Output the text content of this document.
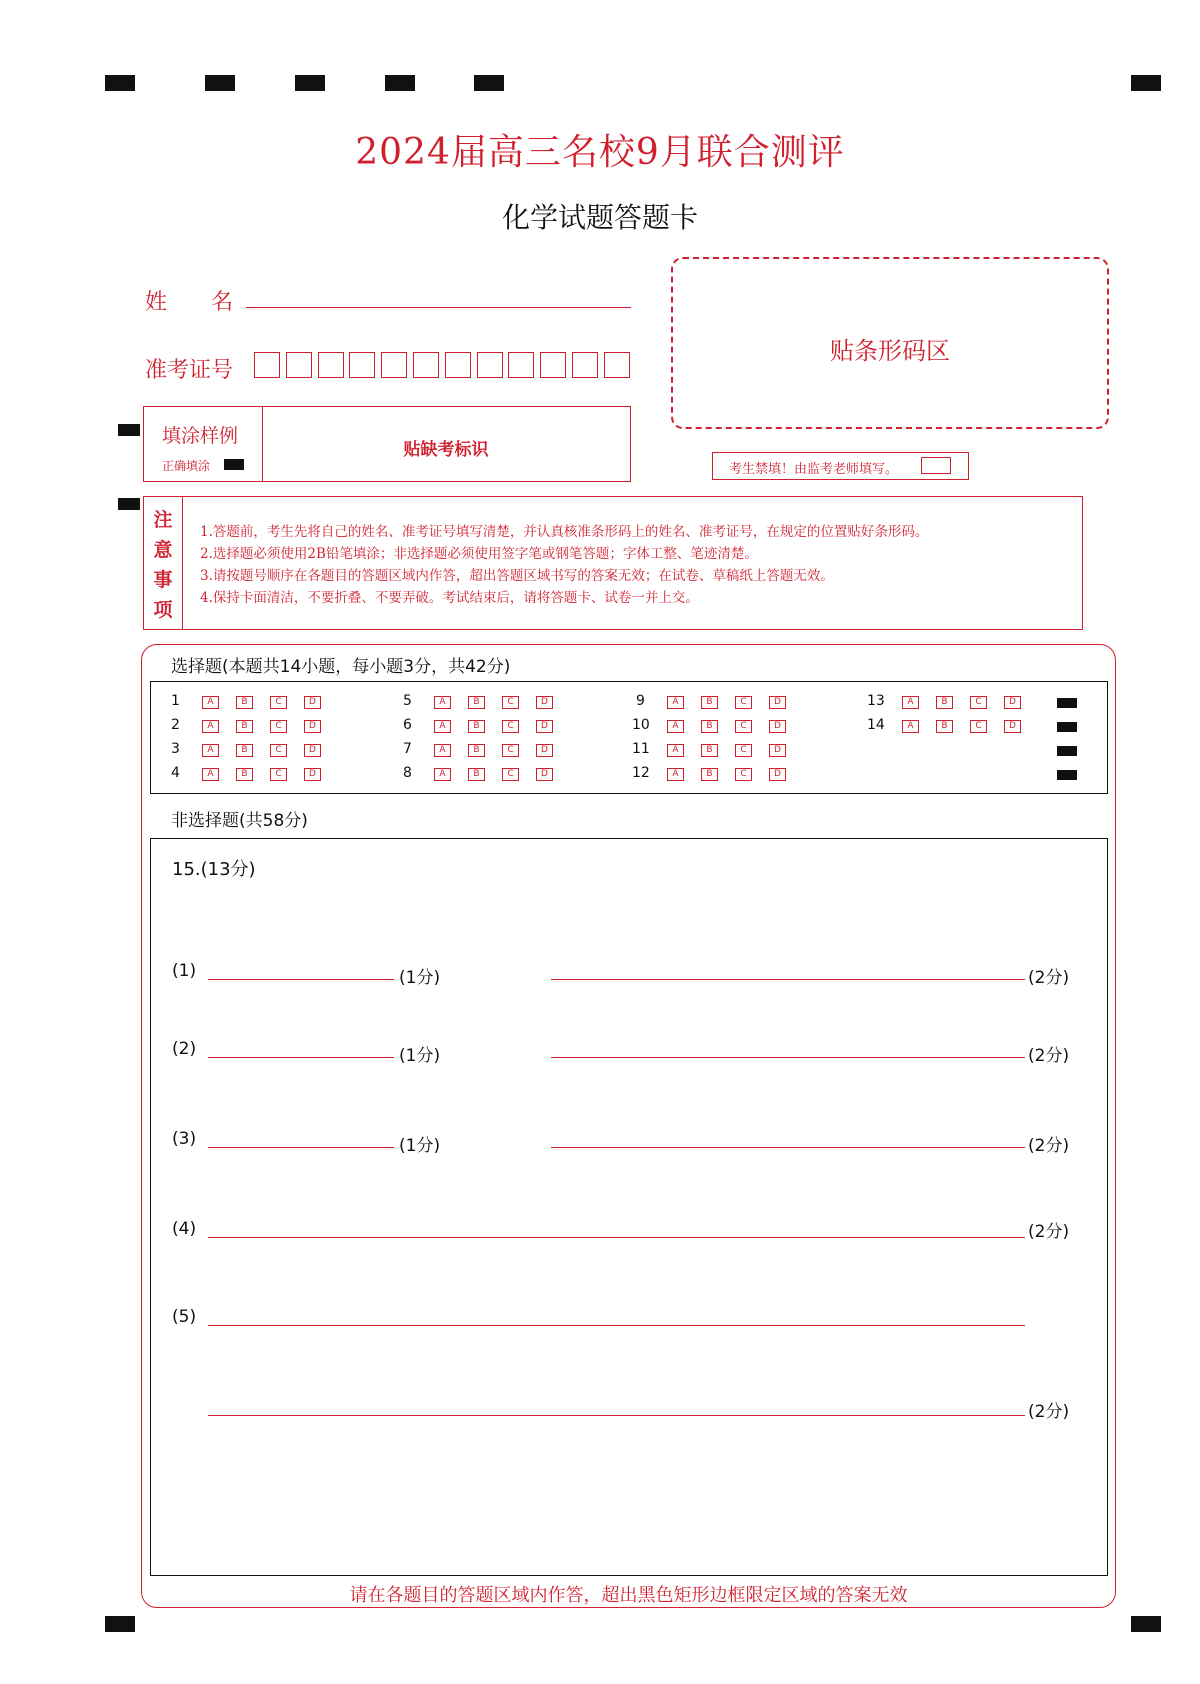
2024届高三名校9月联合测评
化学试题答题卡
姓　　名
准考证号
贴条形码区
填涂样例
正确填涂
贴缺考标识
考生禁填！由监考老师填写。
注
意
事
项
1.答题前，考生先将自己的姓名、准考证号填写清楚，并认真核准条形码上的姓名、准考证号，在规定的位置贴好条形码。
2.选择题必须使用2B铅笔填涂；非选择题必须使用签字笔或钢笔答题；字体工整、笔迹清楚。
3.请按题号顺序在各题目的答题区域内作答，超出答题区域书写的答案无效；在试卷、草稿纸上答题无效。
4.保持卡面清洁，不要折叠、不要弄破。考试结束后，请将答题卡、试卷一并上交。
选择题(本题共14小题，每小题3分，共42分)
1	A	B	C	D
2	A	B	C	D
3	A	B	C	D
4	A	B	C	D
5	A	B	C	D
6	A	B	C	D
7	A	B	C	D
8	A	B	C	D
9	A	B	C	D
10	A	B	C	D
11	A	B	C	D
12	A	B	C	D
13	A	B	C	D
14	A	B	C	D
非选择题(共58分)
15.(13分)
(1)	(1分)	(2分)
(2)	(1分)	(2分)
(3)	(1分)	(2分)
(4)	(2分)
(5)
(2分)
请在各题目的答题区域内作答，超出黑色矩形边框限定区域的答案无效
